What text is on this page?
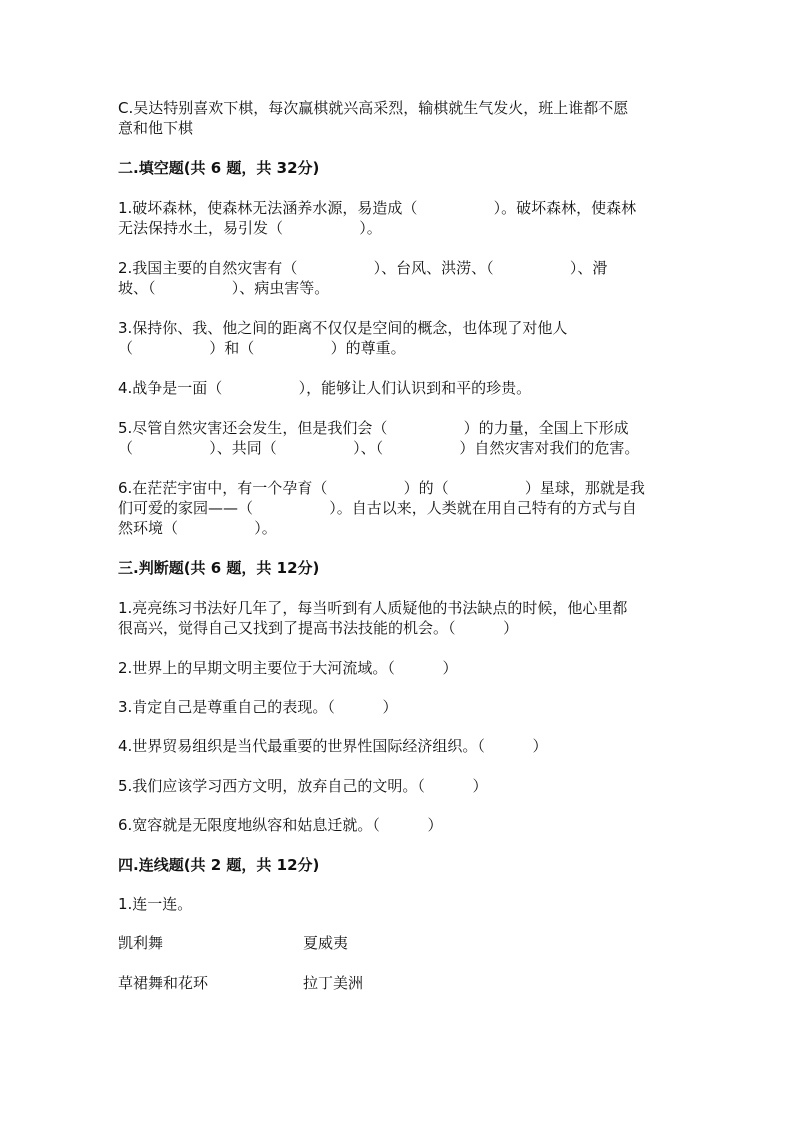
C.吴达特别喜欢下棋，每次赢棋就兴高采烈，输棋就生气发火，班上谁都不愿
意和他下棋
二.填空题(共 6 题，共 32分)
1.破坏森林，使森林无法涵养水源，易造成（                ）。破坏森林，使森林
无法保持水土，易引发（                ）。
2.我国主要的自然灾害有（                ）、台风、洪涝、（                ）、滑
坡、（                ）、病虫害等。
3.保持你、我、他之间的距离不仅仅是空间的概念，也体现了对他人
（                ）和（                ）的尊重。
4.战争是一面（                ），能够让人们认识到和平的珍贵。
5.尽管自然灾害还会发生，但是我们会（                ）的力量，全国上下形成
（                ）、共同（                ）、（                ）自然灾害对我们的危害。
6.在茫茫宇宙中，有一个孕育（                ）的（                ）星球，那就是我
们可爱的家园——（                ）。自古以来，人类就在用自己特有的方式与自
然环境（                ）。
三.判断题(共 6 题，共 12分)
1.亮亮练习书法好几年了，每当听到有人质疑他的书法缺点的时候，他心里都
很高兴，觉得自己又找到了提高书法技能的机会。（          ）
2.世界上的早期文明主要位于大河流域。（          ）
3.肯定自己是尊重自己的表现。（          ）
4.世界贸易组织是当代最重要的世界性国际经济组织。（          ）
5.我们应该学习西方文明，放弃自己的文明。（          ）
6.宽容就是无限度地纵容和姑息迁就。（          ）
四.连线题(共 2 题，共 12分)
1.连一连。
凯利舞	夏威夷
草裙舞和花环	拉丁美洲
